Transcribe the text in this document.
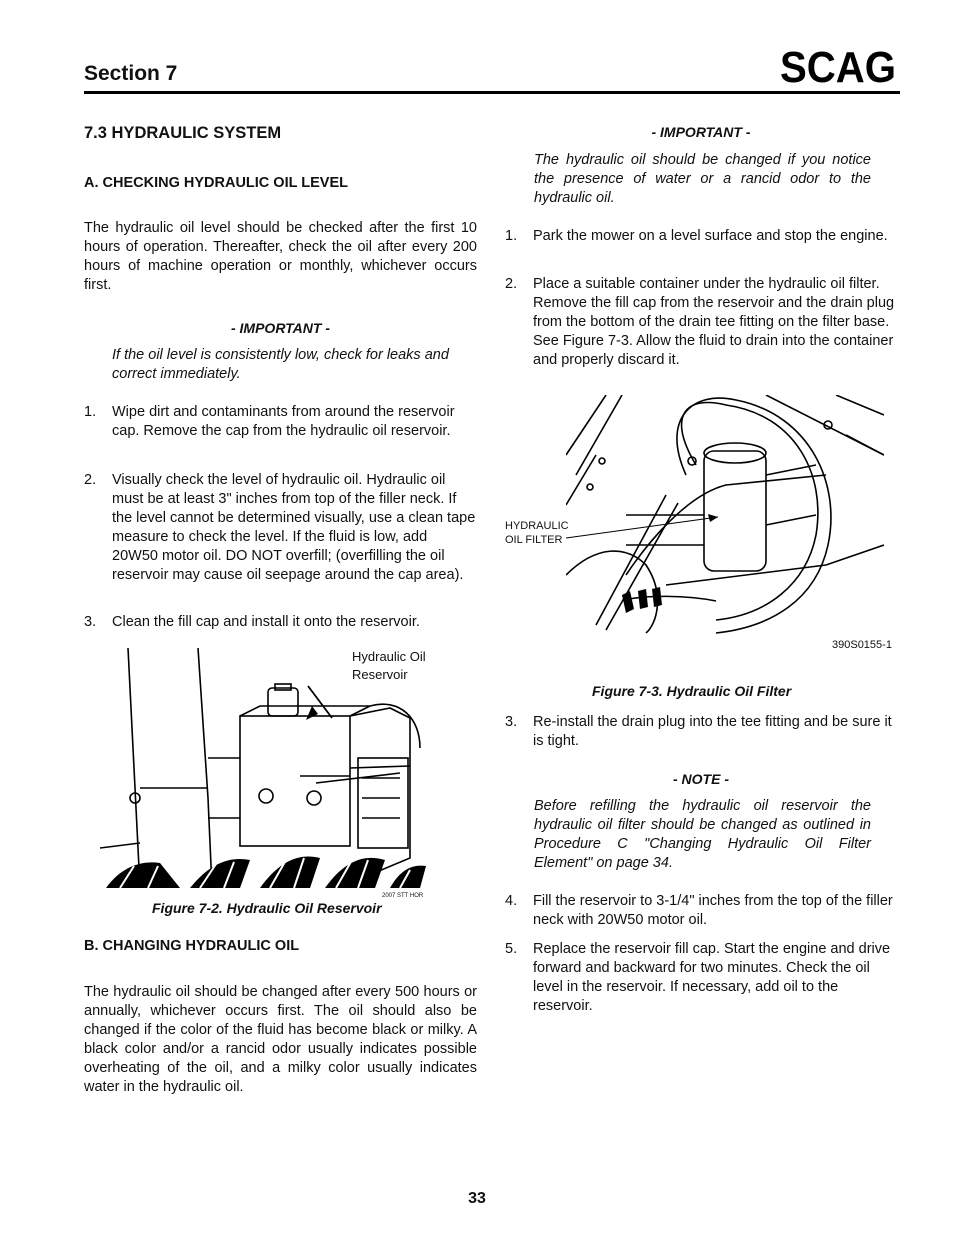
Section 7	SCAG
7.3 HYDRAULIC SYSTEM
A. CHECKING HYDRAULIC OIL LEVEL
The hydraulic oil level should be checked after the first 10 hours of operation. Thereafter, check the oil after every 200 hours of machine operation or monthly, whichever occurs first.
- IMPORTANT -
If the oil level is consistently low, check for leaks and correct immediately.
1. Wipe dirt and contaminants from around the reservoir cap. Remove the cap from the hydraulic oil reservoir.
2. Visually check the level of hydraulic oil. Hydraulic oil must be at least 3" inches from top of the filler neck. If the level cannot be determined visually, use a clean tape measure to check the level. If the fluid is low, add 20W50 motor oil. DO NOT overfill; (overfilling the oil reservoir may cause oil seepage around the cap area).
3. Clean the fill cap and install it onto the reservoir.
Hydraulic Oil Reservoir
2007 STT HOR
Figure 7-2. Hydraulic Oil Reservoir
B. CHANGING HYDRAULIC OIL
The hydraulic oil should be changed after every 500 hours or annually, whichever occurs first. The oil should also be changed if the color of the fluid has become black or milky. A black color and/or a rancid odor usually indicates possible overheating of the oil, and a milky color usually indicates water in the hydraulic oil.
- IMPORTANT -
The hydraulic oil should be changed if you notice the presence of water or a rancid odor to the hydraulic oil.
1. Park the mower on a level surface and stop the engine.
2. Place a suitable container under the hydraulic oil filter. Remove the fill cap from the reservoir and the drain plug from the bottom of the drain tee fitting on the filter base. See Figure 7-3. Allow the fluid to drain into the container and properly discard it.
HYDRAULIC
OIL FILTER
390S0155-1
Figure 7-3. Hydraulic Oil Filter
3. Re-install the drain plug into the tee fitting and be sure it is tight.
- NOTE -
Before refilling the hydraulic oil reservoir the hydraulic oil filter should be changed as outlined in Procedure C "Changing Hydraulic Oil Filter Element" on page 34.
4. Fill the reservoir to 3-1/4" inches from the top of the filler neck with 20W50 motor oil.
5. Replace the reservoir fill cap. Start the engine and drive forward and backward for two minutes. Check the oil level in the reservoir. If necessary, add oil to the reservoir.
33
